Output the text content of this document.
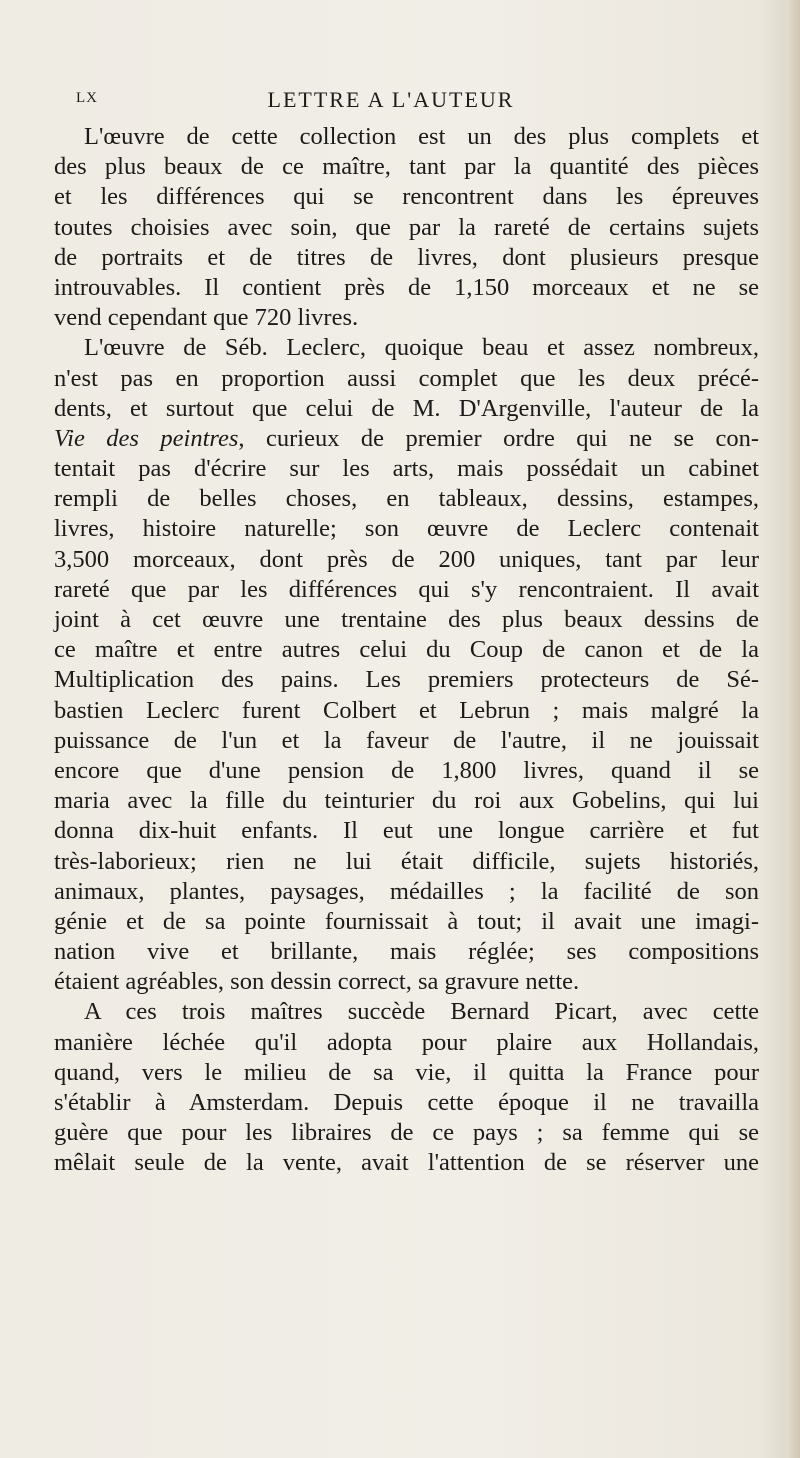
LX	LETTRE A L'AUTEUR
L'œuvre de cette collection est un des plus complets et
des plus beaux de ce maître, tant par la quantité des pièces
et les différences qui se rencontrent dans les épreuves
toutes choisies avec soin, que par la rareté de certains sujets
de portraits et de titres de livres, dont plusieurs presque
introuvables. Il contient près de 1,150 morceaux et ne se
vend cependant que 720 livres.
L'œuvre de Séb. Leclerc, quoique beau et assez nombreux,
n'est pas en proportion aussi complet que les deux précé-
dents, et surtout que celui de M. D'Argenville, l'auteur de la
Vie des peintres, curieux de premier ordre qui ne se con-
tentait pas d'écrire sur les arts, mais possédait un cabinet
rempli de belles choses, en tableaux, dessins, estampes,
livres, histoire naturelle; son œuvre de Leclerc contenait
3,500 morceaux, dont près de 200 uniques, tant par leur
rareté que par les différences qui s'y rencontraient. Il avait
joint à cet œuvre une trentaine des plus beaux dessins de
ce maître et entre autres celui du Coup de canon et de la
Multiplication des pains. Les premiers protecteurs de Sé-
bastien Leclerc furent Colbert et Lebrun ; mais malgré la
puissance de l'un et la faveur de l'autre, il ne jouissait
encore que d'une pension de 1,800 livres, quand il se
maria avec la fille du teinturier du roi aux Gobelins, qui lui
donna dix-huit enfants. Il eut une longue carrière et fut
très-laborieux; rien ne lui était difficile, sujets historiés,
animaux, plantes, paysages, médailles ; la facilité de son
génie et de sa pointe fournissait à tout; il avait une imagi-
nation vive et brillante, mais réglée; ses compositions
étaient agréables, son dessin correct, sa gravure nette.
A ces trois maîtres succède Bernard Picart, avec cette
manière léchée qu'il adopta pour plaire aux Hollandais,
quand, vers le milieu de sa vie, il quitta la France pour
s'établir à Amsterdam. Depuis cette époque il ne travailla
guère que pour les libraires de ce pays ; sa femme qui se
mêlait seule de la vente, avait l'attention de se réserver une
